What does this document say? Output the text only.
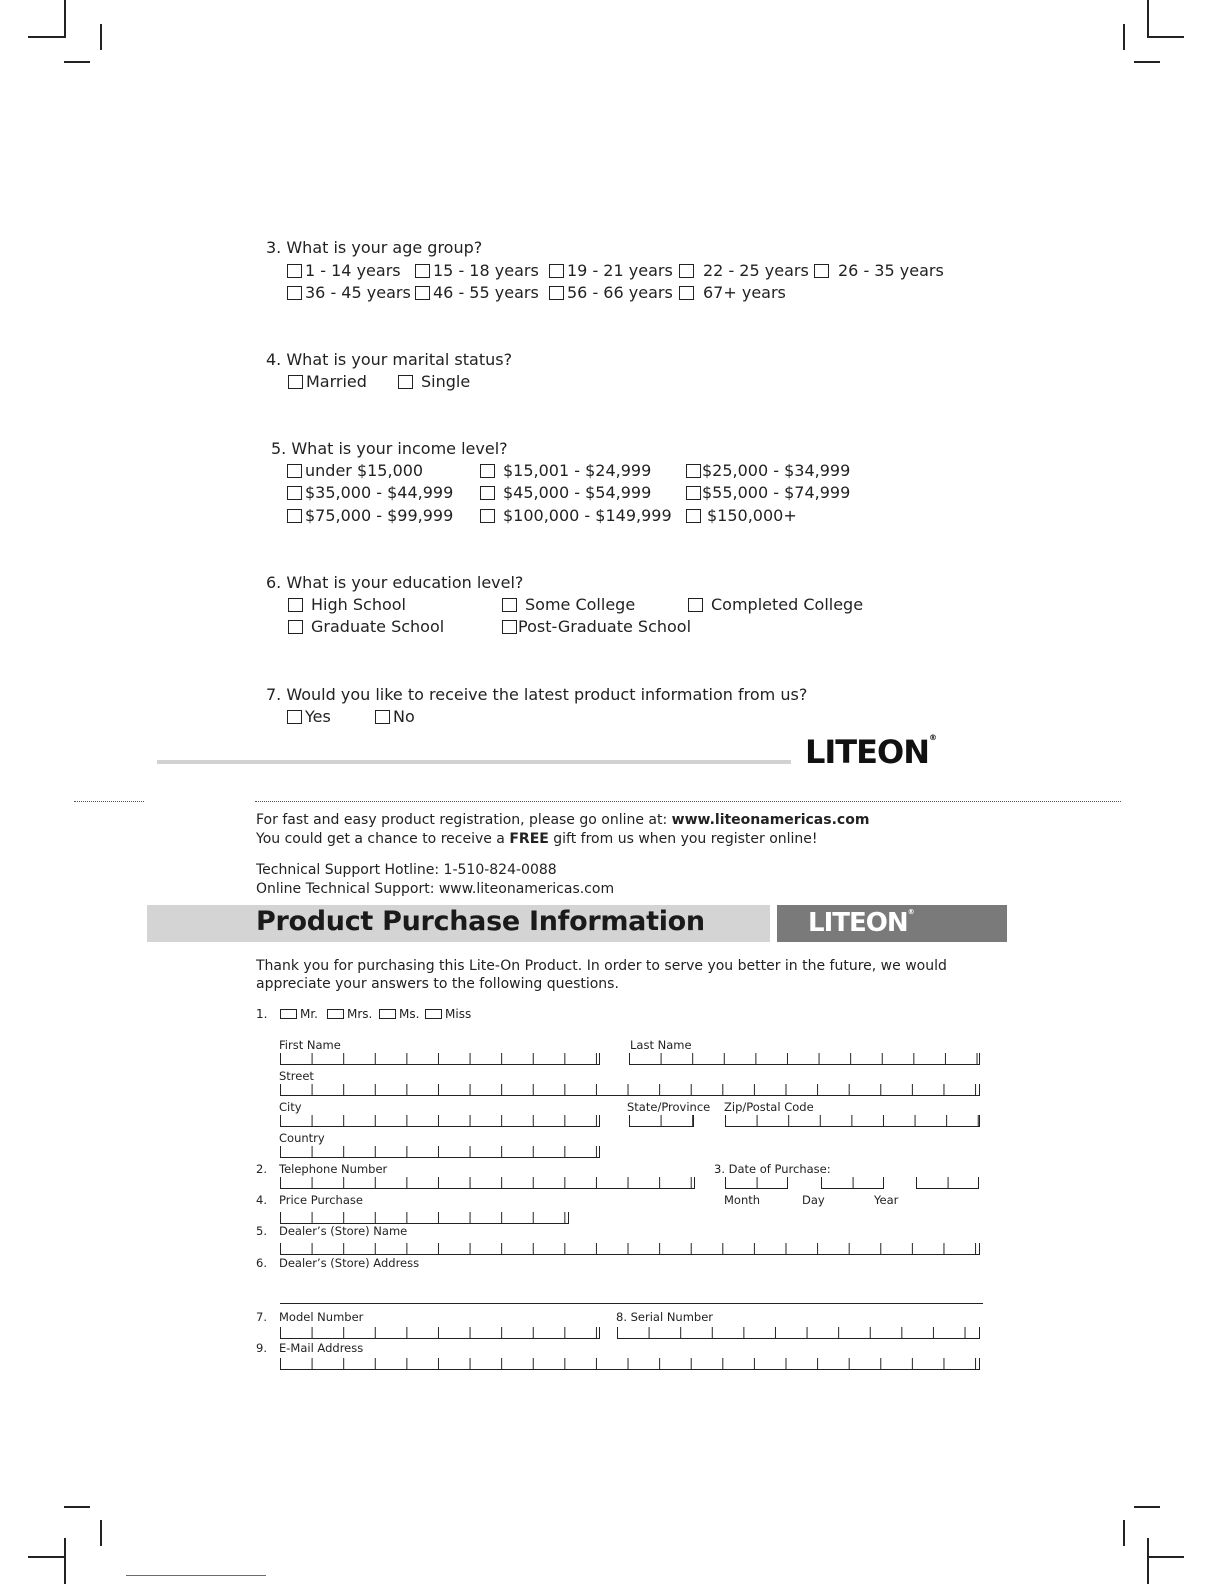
3. What is your age group?
1 - 14 years 15 - 18 years 19 - 21 years 22 - 25 years 26 - 35 years
36 - 45 years 46 - 55 years 56 - 66 years 67+ years
4. What is your marital status?
Married	Single
5. What is your income level?
under $15,000	$15,001 - $24,999	$25,000 - $34,999
$35,000 - $44,999	$45,000 - $54,999	$55,000 - $74,999
$75,000 - $99,999	$100,000 - $149,999 $150,000+
6. What is your education level?
High School	Some College	Completed College
Graduate School	Post-Graduate School
7. Would you like to receive the latest product information from us?
Yes	No
LITEON®
For fast and easy product registration, please go online at: www.liteonamericas.com
You could get a chance to receive a FREE gift from us when you register online!
Technical Support Hotline: 1-510-824-0088
Online Technical Support: www.liteonamericas.com
Product Purchase Information	LITEON®
Thank you for purchasing this Lite-On Product. In order to serve you better in the future, we would
appreciate your answers to the following questions.
1.	Mr. Mrs. Ms. Miss
First Name	Last Name
Street
City	State/Province Zip/Postal Code
Country
2. Telephone Number	3. Date of Purchase:
4. Price Purchase	Month	Day	Year
5. Dealer’s (Store) Name
6. Dealer’s (Store) Address
7. Model Number	8. Serial Number
9. E-Mail Address
